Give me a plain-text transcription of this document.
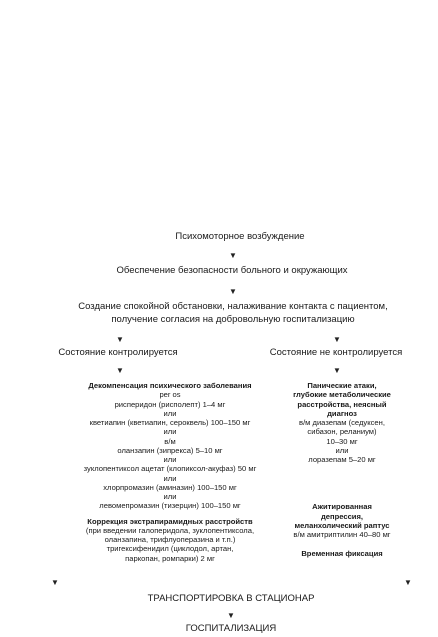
Психомоторное возбуждение
▼
Обеспечение безопасности больного и окружающих
▼
Создание спокойной обстановки, налаживание контакта с пациентом,
получение согласия на добровольную госпитализацию
▼	▼
Состояние контролируется	Состояние не контролируется
▼	▼
Декомпенсация психического заболевания
per os
рисперидон (риспoлепт) 1–4 мг
или
кветиапин (кветиапин, сероквель) 100–150 мг
или
в/м
оланзапин (зипрекса) 5–10 мг
или
зуклопентиксол ацетат (клопиксол-акуфаз) 50 мг
или
хлорпромазин (аминазин) 100–150 мг
или
левомепромазин (тизерцин) 100–150 мг
Коррекция экстрапирамидных расстройств
(при введении галоперидола, зуклопентиксола,
оланзапина, трифлуоперазина и т.п.)
тригексифенидил (циклодол, артан,
паркопан, ромпарки) 2 мг
Панические атаки,
глубокие метаболические
расстройства, неясный
диагноз
в/м диазепам (седуксен,
сибазон, реланиум)
10–30 мг
или
лоразепам 5–20 мг
Ажитированная
депрессия,
меланхолический раптус
в/м амитриптилин 40–80 мг
Временная фиксация
▼	▼
ТРАНСПОРТИРОВКА В СТАЦИОНАР
▼
ГОСПИТАЛИЗАЦИЯ
